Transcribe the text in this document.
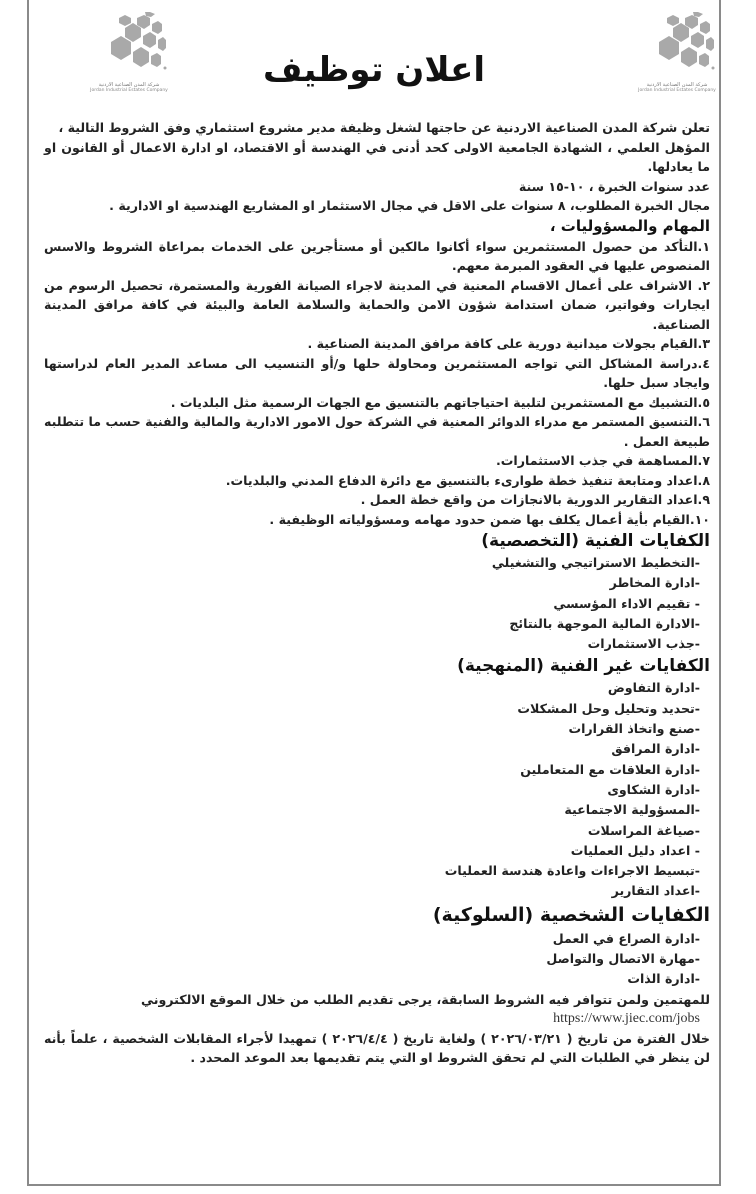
شركة المدن الصناعية الاردنية
Jordan Industrial Estates Company
شركة المدن الصناعية الاردنية
Jordan Industrial Estates Company
اعلان توظيف

تعلن شركة المدن الصناعية الاردنية عن حاجتها لشغل وظيفة مدير مشروع استثماري وفق الشروط التالية ،

المؤهل العلمي ، الشهادة الجامعية الاولى كحد أدنى في الهندسة أو الاقتصاد، او ادارة الاعمال أو القانون او ما يعادلها.

عدد سنوات الخبرة ، ١٠-١٥ سنة

مجال الخبرة المطلوب، ٨ سنوات على الاقل في مجال الاستثمار او المشاريع الهندسية او الادارية .

المهام والمسؤوليات ،

١.التأكد من حصول المستثمرين سواء أكانوا مالكين أو مستأجرين على الخدمات بمراعاة الشروط والاسس المنصوص عليها في العقود المبرمة معهم.

٢. الاشراف على أعمال الاقسام المعنية في المدينة لاجراء الصيانة الفورية والمستمرة، تحصيل الرسوم من ايجارات وفواتير، ضمان استدامة شؤون الامن والحماية والسلامة العامة والبيئة في كافة مرافق المدينة الصناعية.

٣.القيام بجولات ميدانية دورية على كافة مرافق المدينة الصناعية .

٤.دراسة المشاكل التي تواجه المستثمرين ومحاولة حلها و/أو التنسيب الى مساعد المدير العام لدراستها وايجاد سبل حلها.

٥.التشبيك مع المستثمرين لتلبية احتياجاتهم بالتنسيق مع الجهات الرسمية مثل البلديات .

٦.التنسيق المستمر مع مدراء الدوائر المعنية في الشركة حول الامور الادارية والمالية والفنية حسب ما تتطلبه طبيعة العمل .

٧.المساهمة في جذب الاستثمارات.

٨.اعداد ومتابعة تنفيذ خطة طوارىء بالتنسيق مع دائرة الدفاع المدني والبلديات.

٩.اعداد التقارير الدورية بالانجازات من واقع خطة العمل .

١٠.القيام بأية أعمال يكلف بها ضمن حدود مهامه ومسؤولياته الوظيفية .

الكفايات الفنية (التخصصية)

-التخطيط الاستراتيجي والتشغيلي

-ادارة المخاطر

- تقييم الاداء المؤسسي

-الادارة المالية الموجهة بالنتائج

-جذب الاستثمارات

الكفايات غير الفنية (المنهجية)

-ادارة التفاوض

-تحديد وتحليل وحل المشكلات

-صنع واتخاذ القرارات

-ادارة المرافق

-ادارة العلاقات مع المتعاملين

-ادارة الشكاوى

-المسؤولية الاجتماعية

-صياغة المراسلات

- اعداد دليل العمليات

-تبسيط الاجراءات واعادة هندسة العمليات

-اعداد التقارير

الكفايات الشخصية (السلوكية)

-ادارة الصراع في العمل

-مهارة الاتصال والتواصل

-ادارة الذات

للمهتمين ولمن تتوافر فيه الشروط السابقة، يرجى تقديم الطلب من خلال الموقع الالكتروني

https://www.jiec.com/jobs

خلال الفترة من تاريخ ( ٢٠٢٦/٠٣/٢١ ) ولغاية تاريخ ( ٢٠٢٦/٤/٤ ) تمهيدا لأجراء المقابلات الشخصية ، علماً بأنه لن ينظر في الطلبات التي لم تحقق الشروط او التي يتم تقديمها بعد الموعد المحدد .
